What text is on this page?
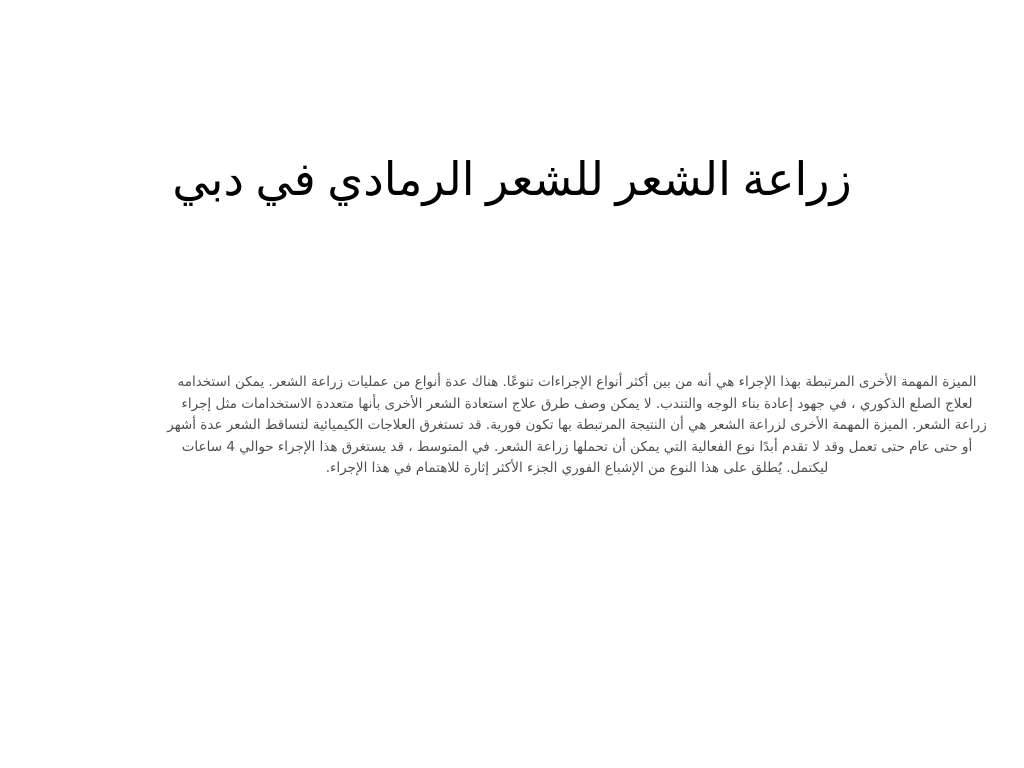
زراعة الشعر للشعر الرمادي في دبي

الميزة المهمة الأخرى المرتبطة بهذا الإجراء هي أنه من بين أكثر أنواع الإجراءات تنوعًا. هناك عدة أنواع من عمليات زراعة الشعر. يمكن استخدامه لعلاج الصلع الذكوري ، في جهود إعادة بناء الوجه والتندب. لا يمكن وصف طرق علاج استعادة الشعر الأخرى بأنها متعددة الاستخدامات مثل إجراء زراعة الشعر. الميزة المهمة الأخرى لزراعة الشعر هي أن النتيجة المرتبطة بها تكون فورية. قد تستغرق العلاجات الكيميائية لتساقط الشعر عدة أشهر أو حتى عام حتى تعمل وقد لا تقدم أبدًا نوع الفعالية التي يمكن أن تحملها زراعة الشعر. في المتوسط ، قد يستغرق هذا الإجراء حوالي 4 ساعات ليكتمل. يُطلق على هذا النوع من الإشباع الفوري الجزء الأكثر إثارة للاهتمام في هذا الإجراء.
